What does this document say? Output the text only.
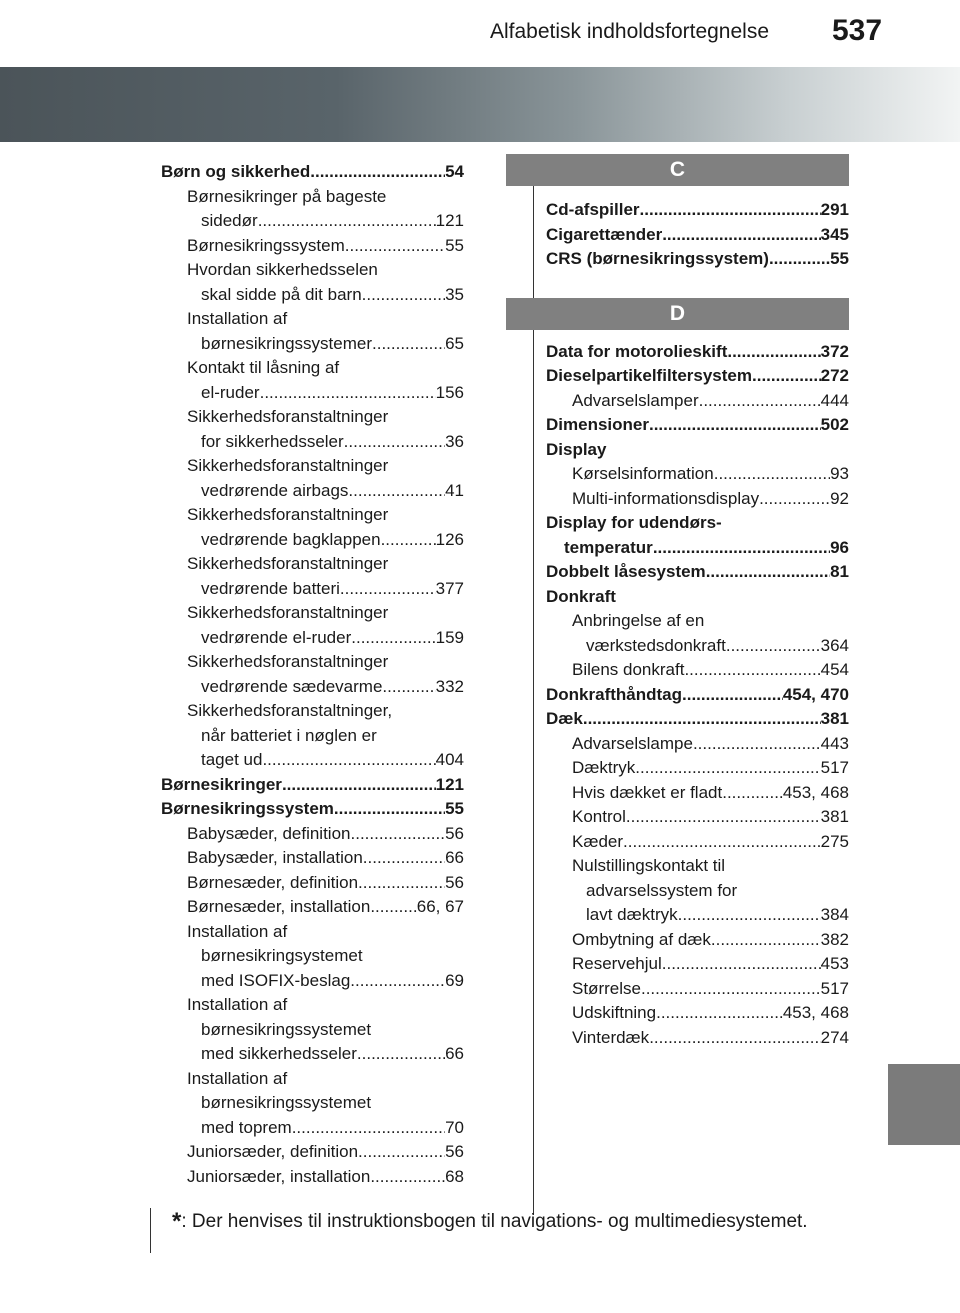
Alfabetisk indholdsfortegnelse 537
Børn og sikkerhed .....	54
Børnesikringer på bageste
sidedør .....	121
Børnesikringssystem .....	55
Hvordan sikkerhedsselen
skal sidde på dit barn .....	35
Installation af
børnesikringssystemer .....	65
Kontakt til låsning af
el-ruder .....	156
Sikkerhedsforanstaltninger
for sikkerhedsseler .....	36
Sikkerhedsforanstaltninger
vedrørende airbags .....	41
Sikkerhedsforanstaltninger
vedrørende bagklappen .....	126
Sikkerhedsforanstaltninger
vedrørende batteri .....	377
Sikkerhedsforanstaltninger
vedrørende el-ruder .....	159
Sikkerhedsforanstaltninger
vedrørende sædevarme .....	332
Sikkerhedsforanstaltninger,
når batteriet i nøglen er
taget ud .....	404
Børnesikringer .....	121
Børnesikringssystem .....	55
Babysæder, definition .....	56
Babysæder, installation .....	66
Børnesæder, definition .....	56
Børnesæder, installation .....	66, 67
Installation af
børnesikringsystemet
med ISOFIX-beslag .....	69
Installation af
børnesikringssystemet
med sikkerhedsseler .....	66
Installation af
børnesikringssystemet
med toprem .....	70
Juniorsæder, definition .....	56
Juniorsæder, installation .....	68
C
Cd-afspiller .....	291
Cigarettænder .....	345
CRS (børnesikringssystem) .....	55
D
Data for motorolieskift .....	372
Dieselpartikelfiltersystem .....	272
Advarselslamper .....	444
Dimensioner .....	502
Display
Kørselsinformation .....	93
Multi-informationsdisplay .....	92
Display for udendørs-
temperatur .....	96
Dobbelt låsesystem .....	81
Donkraft
Anbringelse af en
værkstedsdonkraft .....	364
Bilens donkraft .....	454
Donkrafthåndtag .....	454, 470
Dæk .....	381
Advarselslampe .....	443
Dæktryk .....	517
Hvis dækket er fladt .....	453, 468
Kontrol .....	381
Kæder .....	275
Nulstillingskontakt til
advarselssystem for
lavt dæktryk .....	384
Ombytning af dæk .....	382
Reservehjul .....	453
Størrelse .....	517
Udskiftning .....	453, 468
Vinterdæk .....	274
*: Der henvises til instruktionsbogen til navigations- og multimediesystemet.
